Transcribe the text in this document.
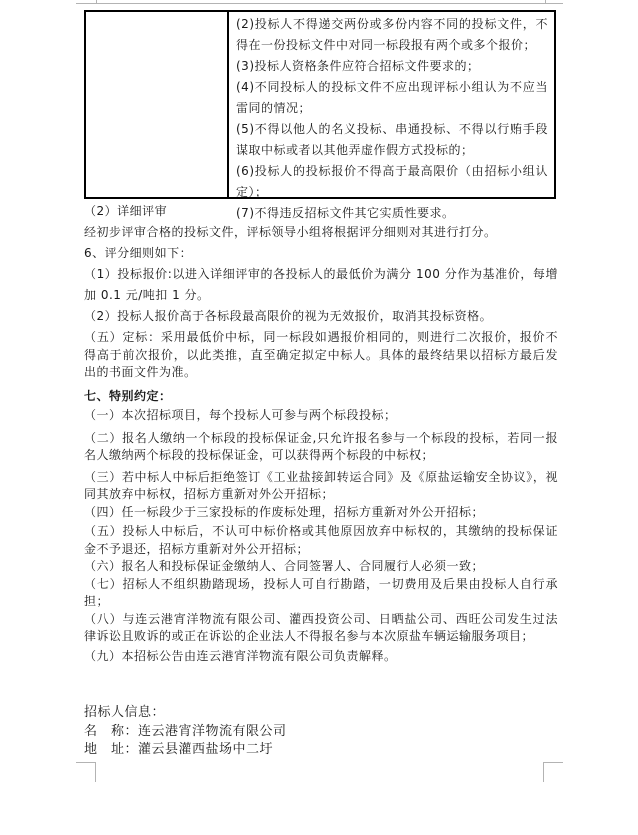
(2)投标人不得递交两份或多份内容不同的投标文件，不得在一份投标文件中对同一标段报有两个或多个报价；

(3)投标人资格条件应符合招标文件要求的；

(4)不同投标人的投标文件不应出现评标小组认为不应当雷同的情况；

(5)不得以他人的名义投标、串通投标、不得以行贿手段谋取中标或者以其他弄虚作假方式投标的；

(6)投标人的投标报价不得高于最高限价（由招标小组认定）；

(7)不得违反招标文件其它实质性要求。

（2）详细评审

经初步评审合格的投标文件，评标领导小组将根据评分细则对其进行打分。

6、评分细则如下：

（1）投标报价:以进入详细评审的各投标人的最低价为满分 100 分作为基准价，每增加 0.1 元/吨扣 1 分。

（2）投标人报价高于各标段最高限价的视为无效报价，取消其投标资格。

（五）定标：采用最低价中标，同一标段如遇报价相同的，则进行二次报价，报价不得高于前次报价，以此类推，直至确定拟定中标人。具体的最终结果以招标方最后发出的书面文件为准。

七、特别约定：

（一）本次招标项目，每个投标人可参与两个标段投标；

（二）报名人缴纳一个标段的投标保证金,只允许报名参与一个标段的投标，若同一报名人缴纳两个标段的投标保证金，可以获得两个标段的中标权；

（三）若中标人中标后拒绝签订《工业盐接卸转运合同》及《原盐运输安全协议》，视同其放弃中标权，招标方重新对外公开招标；

（四）任一标段少于三家投标的作废标处理，招标方重新对外公开招标；

（五）投标人中标后，不认可中标价格或其他原因放弃中标权的，其缴纳的投标保证金不予退还，招标方重新对外公开招标；

（六）报名人和投标保证金缴纳人、合同签署人、合同履行人必须一致；

（七）招标人不组织勘踏现场，投标人可自行勘踏，一切费用及后果由投标人自行承担；

（八）与连云港宵洋物流有限公司、灌西投资公司、日晒盐公司、西旺公司发生过法律诉讼且败诉的或正在诉讼的企业法人不得报名参与本次原盐车辆运输服务项目；

（九）本招标公告由连云港宵洋物流有限公司负责解释。

招标人信息：

名　称：连云港宵洋物流有限公司

地　址：灌云县灌西盐场中二圩
